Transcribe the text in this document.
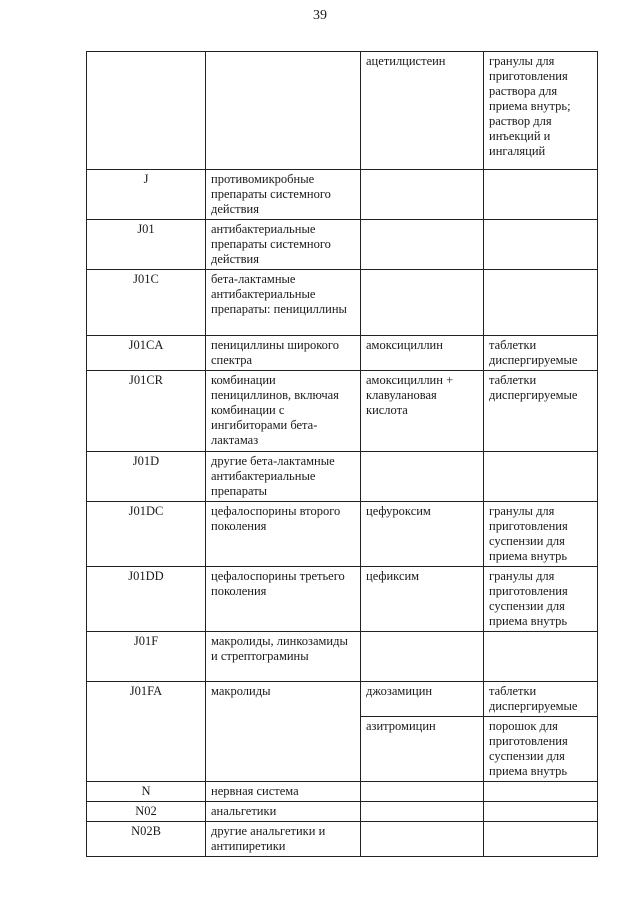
39
		ацетилцистеин	гранулы для приготовления раствора для приема внутрь; раствор для инъекций и ингаляций
J	противомикробные препараты системного действия		
J01	антибактериальные препараты системного действия		
J01C	бета-лактамные антибактериальные препараты: пенициллины		
J01CA	пенициллины широкого спектра	амоксициллин	таблетки диспергируемые
J01CR	комбинации пенициллинов, включая комбинации с ингибиторами бета-лактамаз	амоксициллин + клавулановая кислота	таблетки диспергируемые
J01D	другие бета-лактамные антибактериальные препараты		
J01DC	цефалоспорины второго поколения	цефуроксим	гранулы для приготовления суспензии для приема внутрь
J01DD	цефалоспорины третьего поколения	цефиксим	гранулы для приготовления суспензии для приема внутрь
J01F	макролиды, линкозамиды и стрептограмины		
J01FA	макролиды	джозамицин	таблетки диспергируемые
		азитромицин	порошок для приготовления суспензии для приема внутрь
N	нервная система		
N02	анальгетики		
N02B	другие анальгетики и антипиретики		
